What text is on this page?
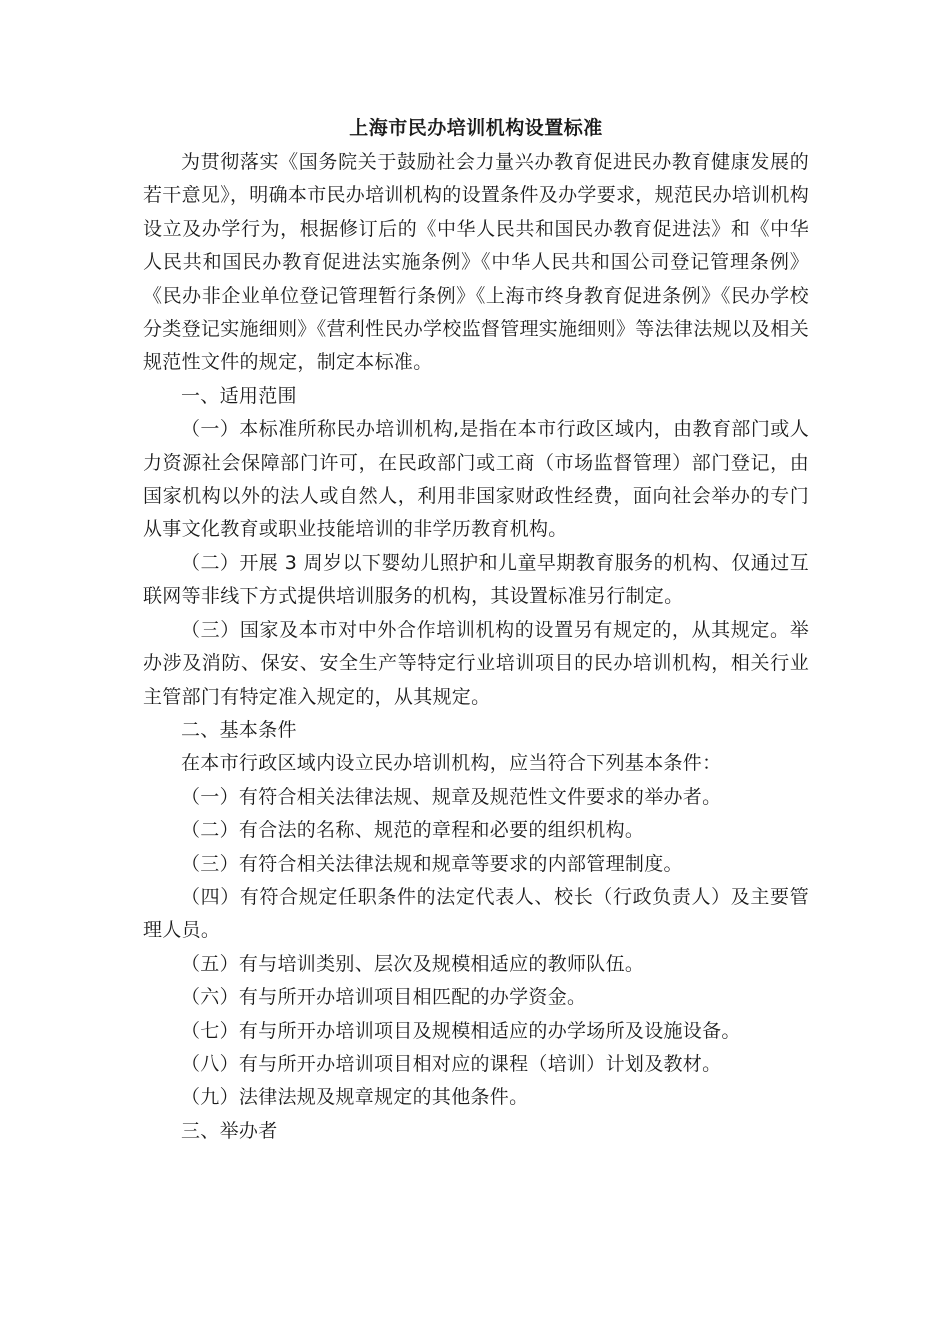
上海市民办培训机构设置标准

为贯彻落实《国务院关于鼓励社会力量兴办教育促进民办教育健康发展的若干意见》，明确本市民办培训机构的设置条件及办学要求，规范民办培训机构设立及办学行为，根据修订后的《中华人民共和国民办教育促进法》和《中华人民共和国民办教育促进法实施条例》《中华人民共和国公司登记管理条例》《民办非企业单位登记管理暂行条例》《上海市终身教育促进条例》《民办学校分类登记实施细则》《营利性民办学校监督管理实施细则》等法律法规以及相关规范性文件的规定，制定本标准。

一、适用范围

（一）本标准所称民办培训机构,是指在本市行政区域内，由教育部门或人力资源社会保障部门许可，在民政部门或工商（市场监督管理）部门登记，由国家机构以外的法人或自然人，利用非国家财政性经费，面向社会举办的专门从事文化教育或职业技能培训的非学历教育机构。

（二）开展 3 周岁以下婴幼儿照护和儿童早期教育服务的机构、仅通过互联网等非线下方式提供培训服务的机构，其设置标准另行制定。

（三）国家及本市对中外合作培训机构的设置另有规定的，从其规定。举办涉及消防、保安、安全生产等特定行业培训项目的民办培训机构，相关行业主管部门有特定准入规定的，从其规定。

二、基本条件

在本市行政区域内设立民办培训机构，应当符合下列基本条件：

（一）有符合相关法律法规、规章及规范性文件要求的举办者。

（二）有合法的名称、规范的章程和必要的组织机构。

（三）有符合相关法律法规和规章等要求的内部管理制度。

（四）有符合规定任职条件的法定代表人、校长（行政负责人）及主要管理人员。

（五）有与培训类别、层次及规模相适应的教师队伍。

（六）有与所开办培训项目相匹配的办学资金。

（七）有与所开办培训项目及规模相适应的办学场所及设施设备。

（八）有与所开办培训项目相对应的课程（培训）计划及教材。

（九）法律法规及规章规定的其他条件。

三、举办者
